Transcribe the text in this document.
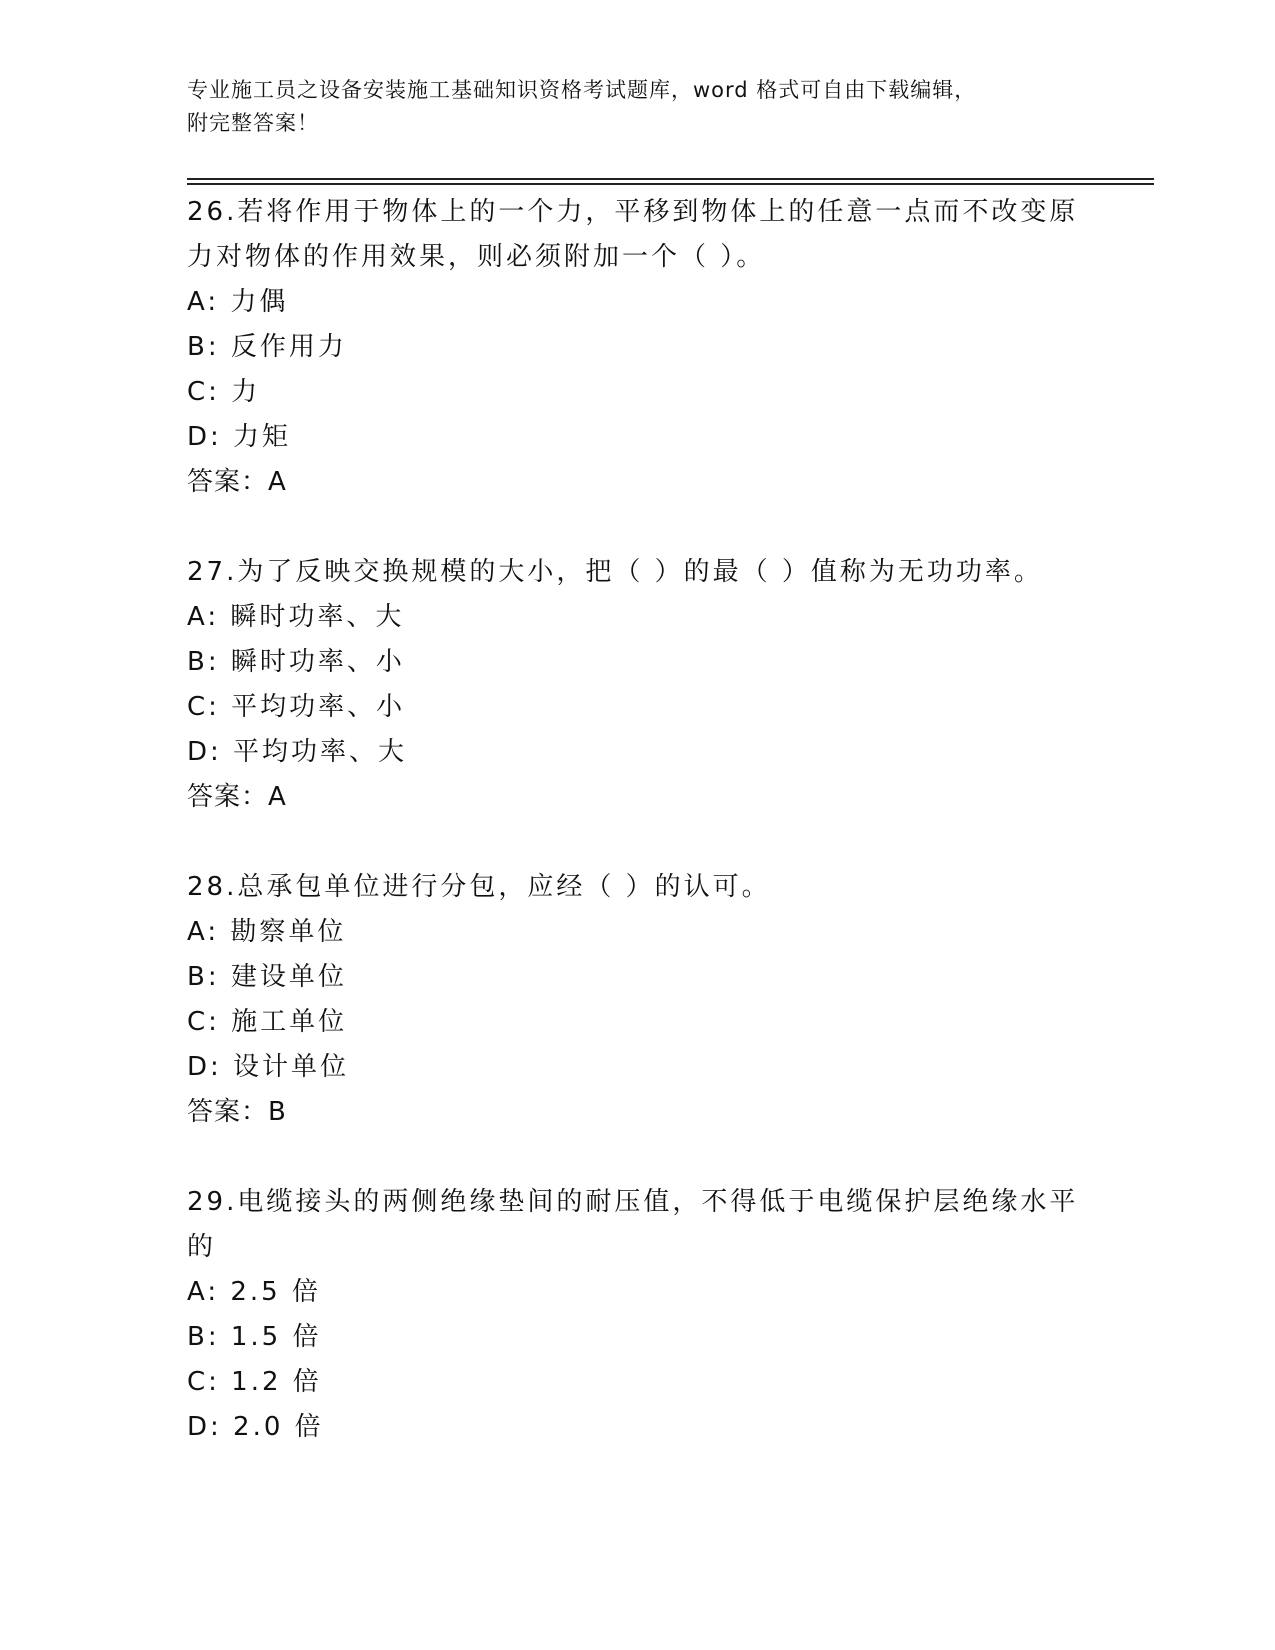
专业施工员之设备安装施工基础知识资格考试题库，word 格式可自由下载编辑，
附完整答案！

26.若将作用于物体上的一个力，平移到物体上的任意一点而不改变原力对物体的作用效果，则必须附加一个（ ）。

A: 力偶
B: 反作用力
C: 力
D: 力矩
答案：A

27.为了反映交换规模的大小，把（ ）的最（ ）值称为无功功率。

A: 瞬时功率、大
B: 瞬时功率、小
C: 平均功率、小
D: 平均功率、大
答案：A

28.总承包单位进行分包，应经（ ）的认可。

A: 勘察单位
B: 建设单位
C: 施工单位
D: 设计单位
答案：B

29.电缆接头的两侧绝缘垫间的耐压值，不得低于电缆保护层绝缘水平的

A: 2.5 倍
B: 1.5 倍
C: 1.2 倍
D: 2.0 倍
